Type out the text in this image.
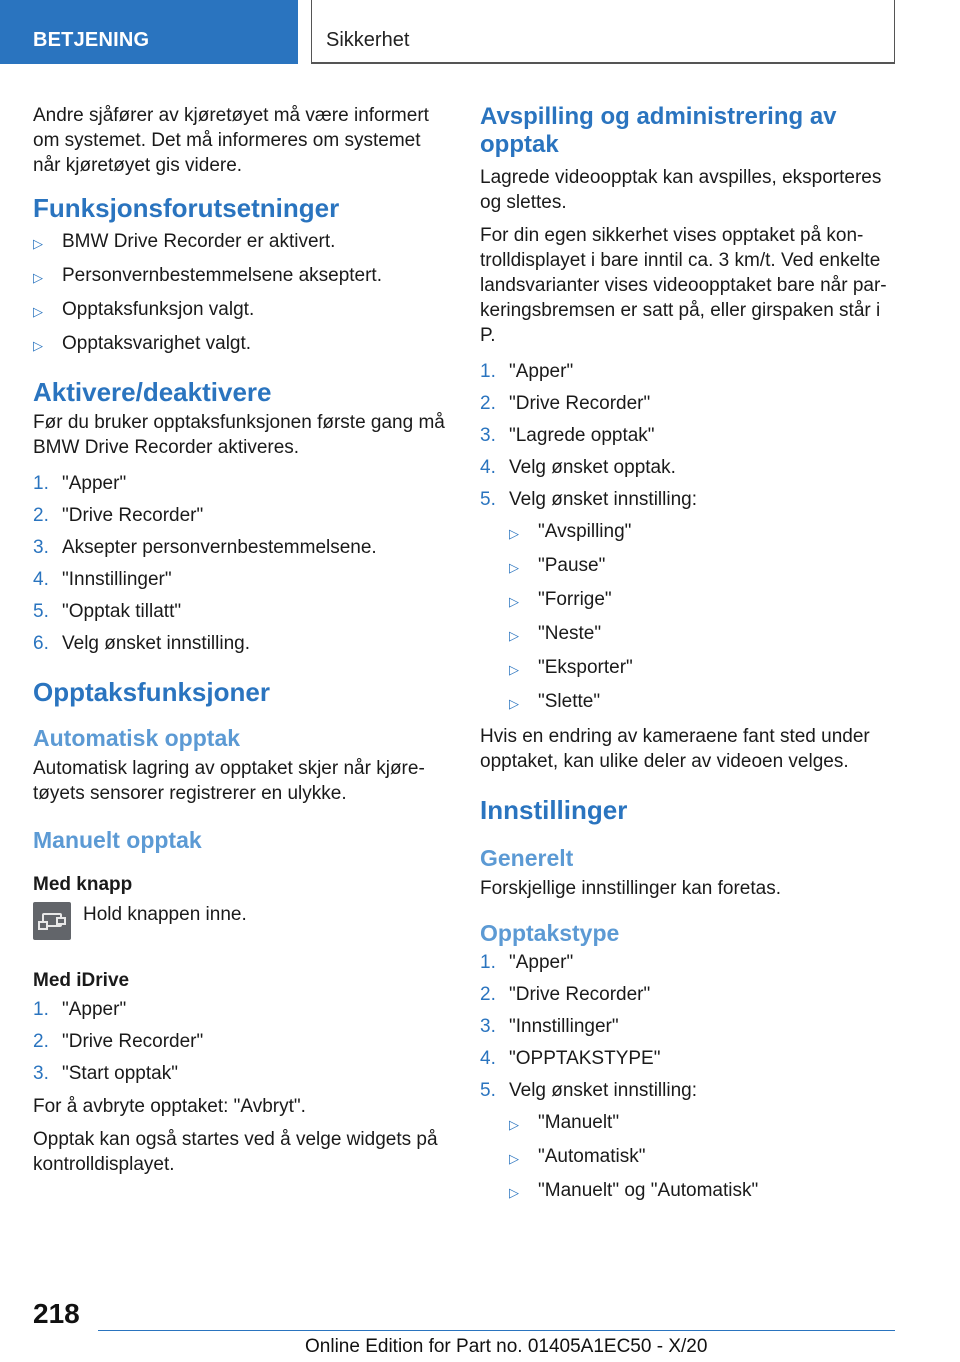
BETJENING	Sikkerhet

Andre sjåfører av kjøretøyet må være informert om systemet. Det må informeres om systemet når kjøretøyet gis videre.

Funksjonsforutsetninger
▷	BMW Drive Recorder er aktivert.
▷	Personvernbestemmelsene akseptert.
▷	Opptaksfunksjon valgt.
▷	Opptaksvarighet valgt.
Aktivere/deaktivere

Før du bruker opptaksfunksjonen første gang må BMW Drive Recorder aktiveres.

1. "Apper"
2. "Drive Recorder"
3. Aksepter personvernbestemmelsene.
4. "Innstillinger"
5. "Opptak tillatt"
6. Velg ønsket innstilling.
Opptaksfunksjoner
Automatisk opptak

Automatisk lagring av opptaket skjer når kjøre-tøyets sensorer registrerer en ulykke.

Manuelt opptak
Med knapp
Hold knappen inne.
Med iDrive
1. "Apper"
2. "Drive Recorder"
3. "Start opptak"

For å avbryte opptaket: "Avbryt".

Opptak kan også startes ved å velge widgets på kontrolldisplayet.

Avspilling og administrering av opptak

Lagrede videoopptak kan avspilles, eksporteres og slettes.

For din egen sikkerhet vises opptaket på kon-trolldisplayet i bare inntil ca. 3 km/t. Ved enkelte landsvarianter vises videoopptaket bare når par-keringsbremsen er satt på, eller girspaken står i P.

1. "Apper"
2. "Drive Recorder"
3. "Lagrede opptak"
4. Velg ønsket opptak.
5. Velg ønsket innstilling:
▷	"Avspilling"
▷	"Pause"
▷	"Forrige"
▷	"Neste"
▷	"Eksporter"
▷	"Slette"

Hvis en endring av kameraene fant sted under opptaket, kan ulike deler av videoen velges.

Innstillinger
Generelt

Forskjellige innstillinger kan foretas.

Opptakstype
1. "Apper"
2. "Drive Recorder"
3. "Innstillinger"
4. "OPPTAKSTYPE"
5. Velg ønsket innstilling:
▷	"Manuelt"
▷	"Automatisk"
▷	"Manuelt" og "Automatisk"
218
Online Edition for Part no. 01405A1EC50 - X/20
